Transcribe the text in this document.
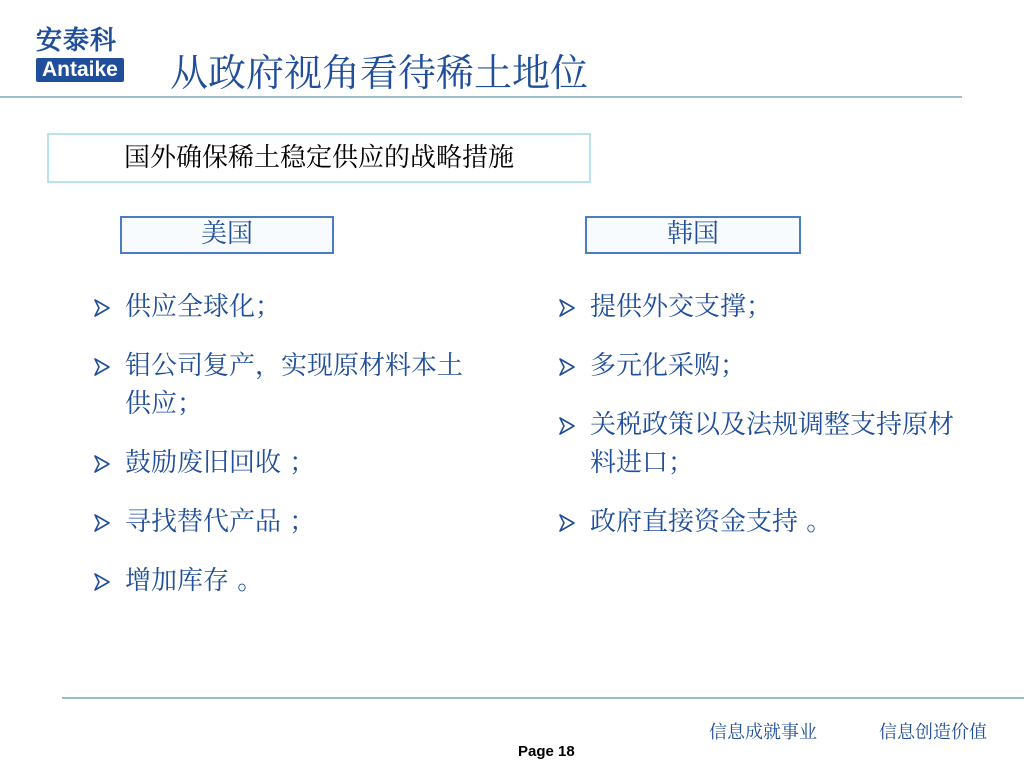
安泰科
Antaike	从政府视角看待稀土地位
国外确保稀土稳定供应的战略措施
美国	韩国
供应全球化；
钼公司复产，实现原材料本土供应；
鼓励废旧回收 ；
寻找替代产品 ；
增加库存 。
提供外交支撑；
多元化采购；
关税政策以及法规调整支持原材料进口；
政府直接资金支持 。
信息成就事业	信息创造价值
Page 18
